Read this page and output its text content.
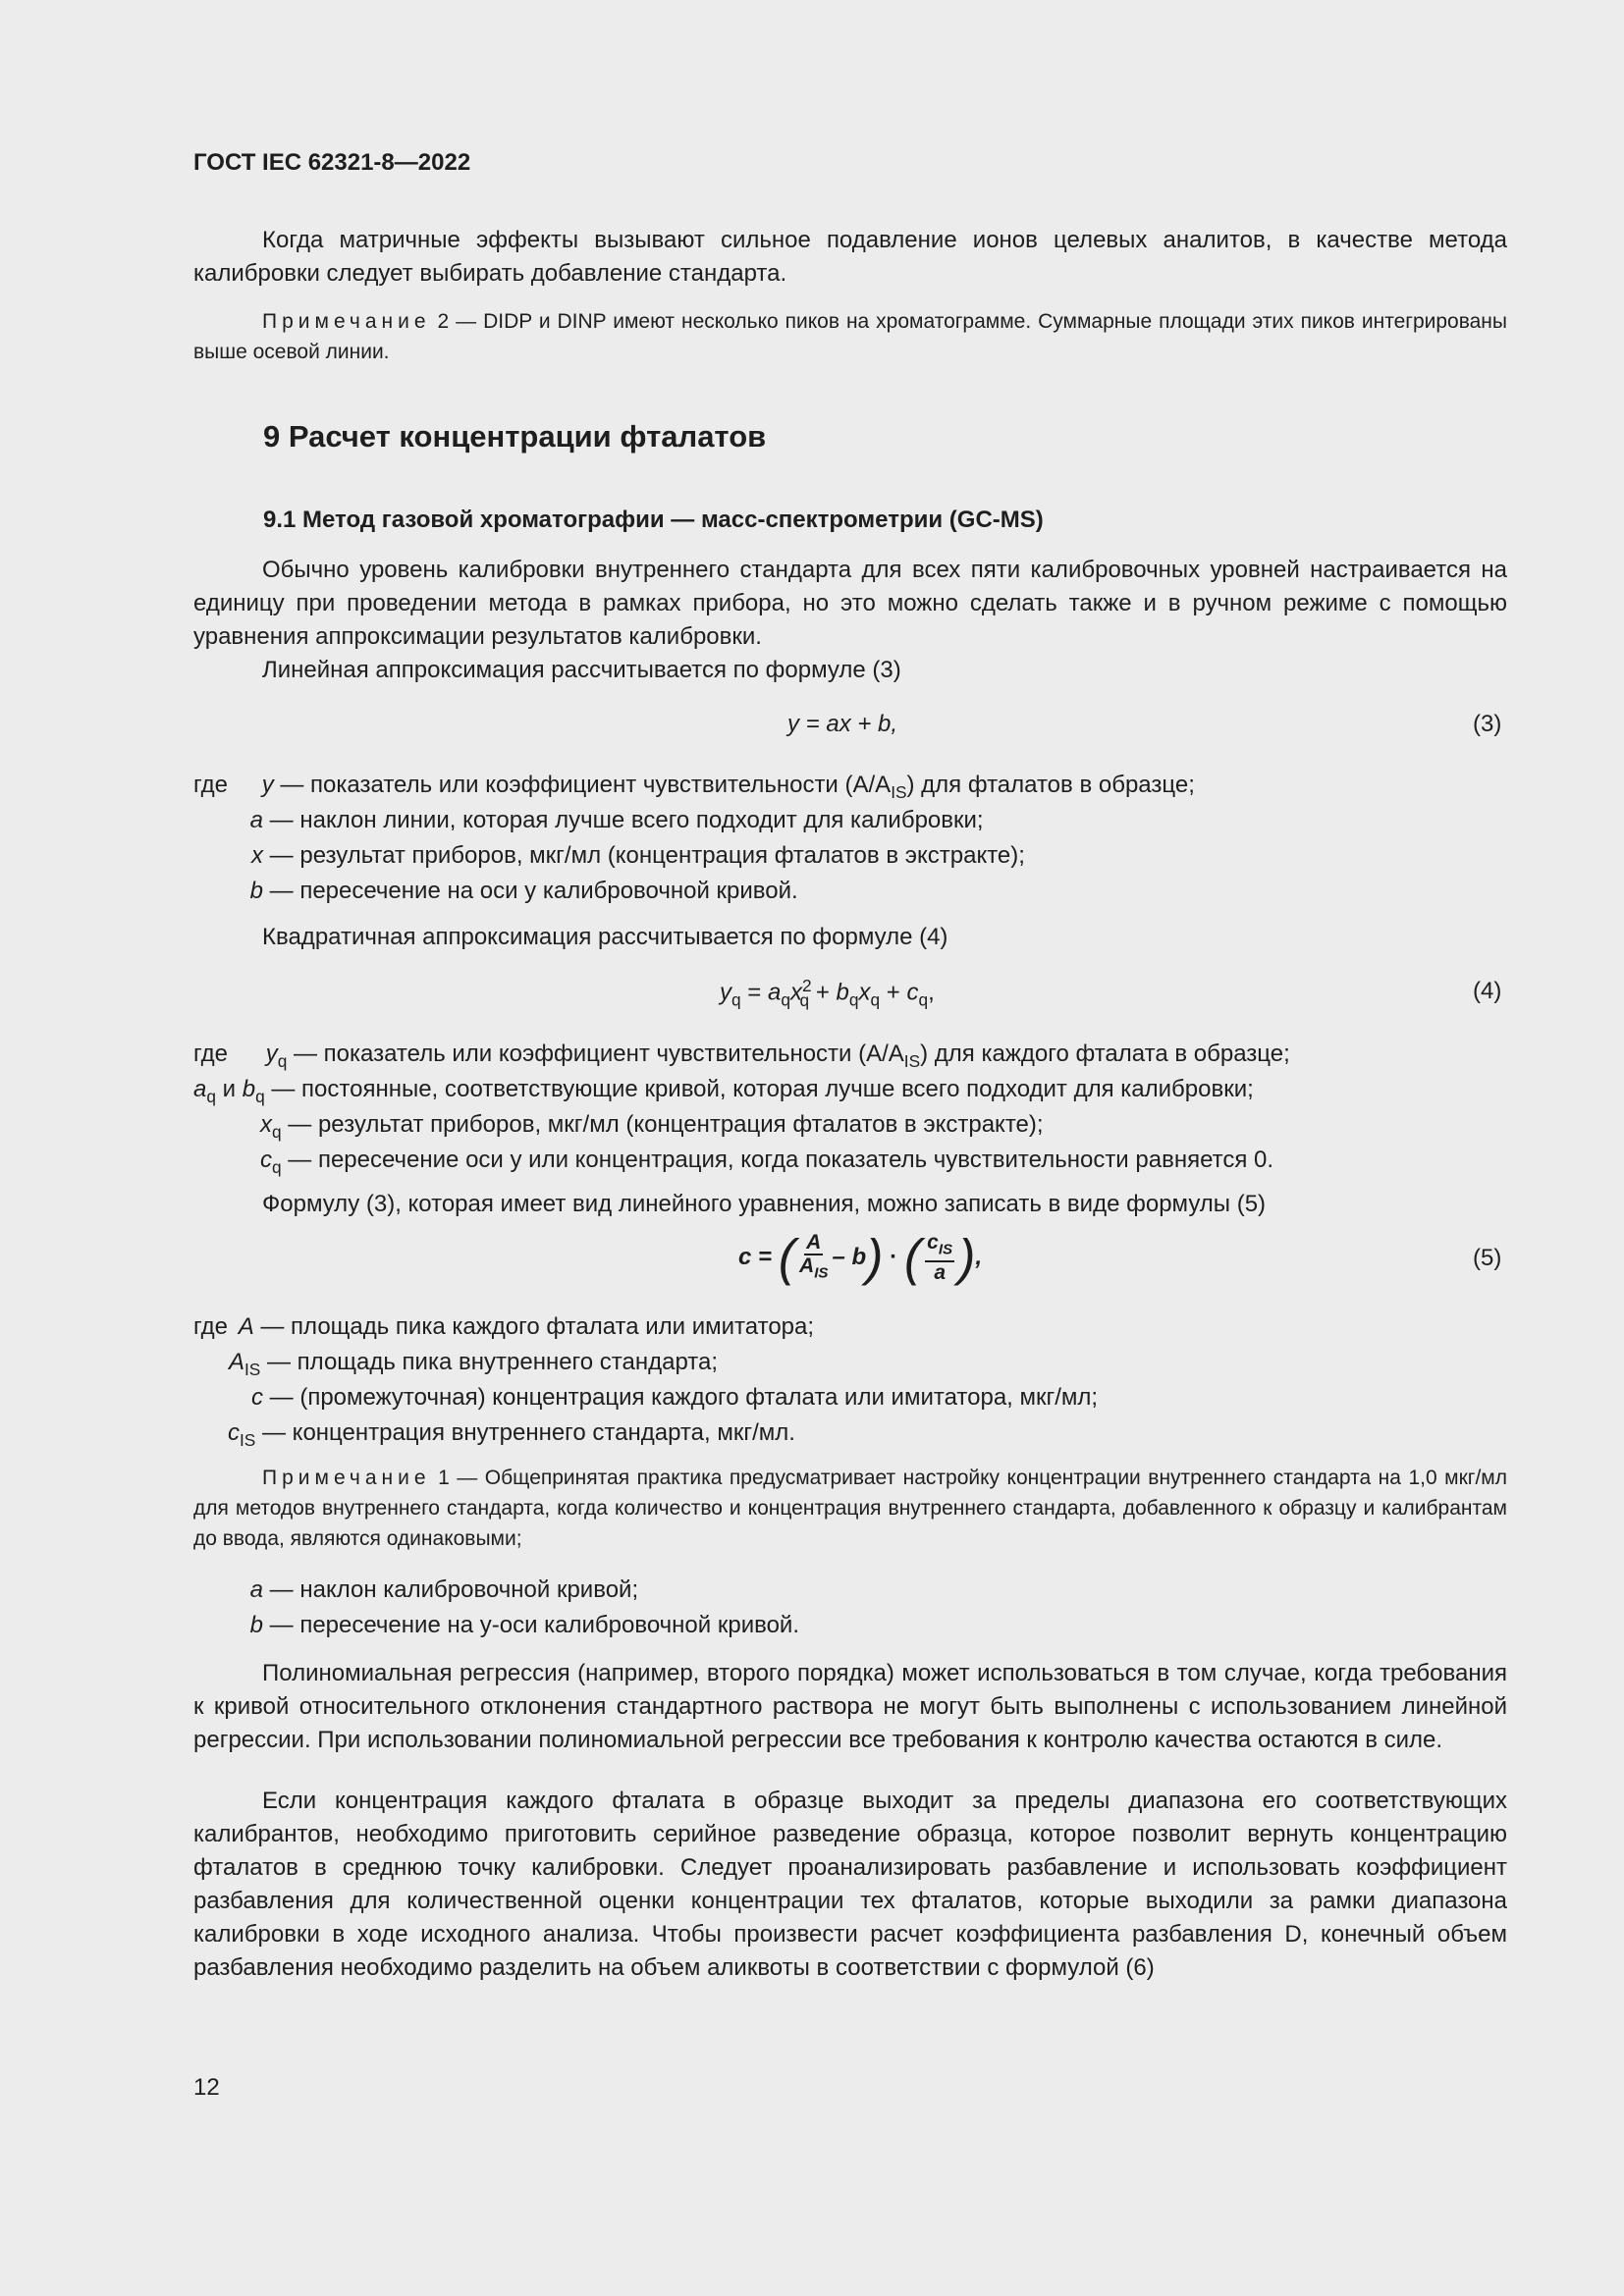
ГОСТ IEC 62321-8—2022
Когда матричные эффекты вызывают сильное подавление ионов целевых аналитов, в качестве метода калибровки следует выбирать добавление стандарта.
Примечание 2 — DIDP и DINP имеют несколько пиков на хроматограмме. Суммарные площади этих пиков интегрированы выше осевой линии.
9 Расчет концентрации фталатов
9.1 Метод газовой хроматографии — масс-спектрометрии (GC-MS)
Обычно уровень калибровки внутреннего стандарта для всех пяти калибровочных уровней настраивается на единицу при проведении метода в рамках прибора, но это можно сделать также и в ручном режиме с помощью уравнения аппроксимации результатов калибровки.
Линейная аппроксимация рассчитывается по формуле (3)
y = ax + b,	(3)
где y — показатель или коэффициент чувствительности $(A/A_{IS})$ для фталатов в образце;
a — наклон линии, которая лучше всего подходит для калибровки;
x — результат приборов, мкг/мл (концентрация фталатов в экстракте);
b — пересечение на оси y калибровочной кривой.
Квадратичная аппроксимация рассчитывается по формуле (4)
$y_q = a_qx^2_q + b_qx_q + c_q$,	(4)
где $y_q$ — показатель или коэффициент чувствительности $(A/A_{IS})$ для каждого фталата в образце;
$a_q$ и $b_q$ — постоянные, соответствующие кривой, которая лучше всего подходит для калибровки;
$x_q$ — результат приборов, мкг/мл (концентрация фталатов в экстракте);
$c_q$ — пересечение оси y или концентрация, когда показатель чувствительности равняется 0.
Формулу (3), которая имеет вид линейного уравнения, можно записать в виде формулы (5)
c = ( $\frac{A}{A_{IS}} - b$) · ( $\frac{c_{IS}}{a}$ ),	(5)
где A — площадь пика каждого фталата или имитатора;
$A_{IS}$ — площадь пика внутреннего стандарта;
c — (промежуточная) концентрация каждого фталата или имитатора, мкг/мл;
$c_{IS}$ — концентрация внутреннего стандарта, мкг/мл.
Примечание 1 — Общепринятая практика предусматривает настройку концентрации внутреннего стандарта на 1,0 мкг/мл для методов внутреннего стандарта, когда количество и концентрация внутреннего стандарта, добавленного к образцу и калибрантам до ввода, являются одинаковыми;
a — наклон калибровочной кривой;
b — пересечение на y-оси калибровочной кривой.
Полиномиальная регрессия (например, второго порядка) может использоваться в том случае, когда требования к кривой относительного отклонения стандартного раствора не могут быть выполнены с использованием линейной регрессии. При использовании полиномиальной регрессии все требования к контролю качества остаются в силе.
Если концентрация каждого фталата в образце выходит за пределы диапазона его соответствующих калибрантов, необходимо приготовить серийное разведение образца, которое позволит вернуть концентрацию фталатов в среднюю точку калибровки. Следует проанализировать разбавление и использовать коэффициент разбавления для количественной оценки концентрации тех фталатов, которые выходили за рамки диапазона калибровки в ходе исходного анализа. Чтобы произвести расчет коэффициента разбавления D, конечный объем разбавления необходимо разделить на объем аликвоты в соответствии с формулой (6)
12
